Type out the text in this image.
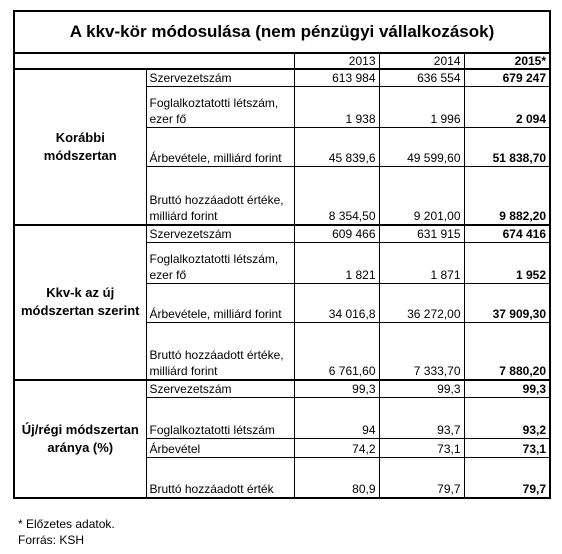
A kkv-kör módosulása (nem pénzügyi vállalkozások)				
		2013	2014	2015*
Korábbi módszertan	Szervezetszám	613 984	636 554	679 247
	Foglalkoztatotti létszám, ezer fő	1 938	1 996	2 094
	Árbevétele, milliárd forint	45 839,6	49 599,60	51 838,70
	Bruttó hozzáadott értéke, milliárd forint	8 354,50	9 201,00	9 882,20
Kkv-k az új módszertan szerint	Szervezetszám	609 466	631 915	674 416
	Foglalkoztatotti létszám, ezer fő	1 821	1 871	1 952
	Árbevétele, milliárd forint	34 016,8	36 272,00	37 909,30
	Bruttó hozzáadott értéke, milliárd forint	6 761,60	7 333,70	7 880,20
Új/régi módszertan aránya (%)	Szervezetszám	99,3	99,3	99,3
	Foglalkoztatotti létszám	94	93,7	93,2
	Árbevétel	74,2	73,1	73,1
	Bruttó hozzáadott érték	80,9	79,7	79,7
* Előzetes adatok.
Forrás: KSH
